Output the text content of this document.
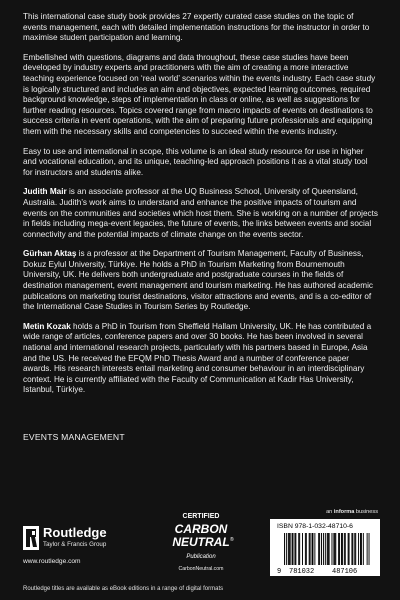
This international case study book provides 27 expertly curated case studies on the topic of events management, each with detailed implementation instructions for the instructor in order to maximise student participation and learning.

Embellished with questions, diagrams and data throughout, these case studies have been developed by industry experts and practitioners with the aim of creating a more interactive teaching experience focused on ‘real world’ scenarios within the events industry. Each case study is logically structured and includes an aim and objectives, expected learning outcomes, required background knowledge, steps of implementation in class or online, as well as suggestions for further reading resources. Topics covered range from macro impacts of events on destinations to success criteria in event operations, with the aim of preparing future professionals and equipping them with the necessary skills and competencies to succeed within the events industry.

Easy to use and international in scope, this volume is an ideal study resource for use in higher and vocational education, and its unique, teaching-led approach positions it as a vital study tool for instructors and students alike.

Judith Mair is an associate professor at the UQ Business School, University of Queensland, Australia. Judith’s work aims to understand and enhance the positive impacts of tourism and events on the communities and societies which host them. She is working on a number of projects in fields including mega-event legacies, the future of events, the links between events and social connectivity and the potential impacts of climate change on the events sector.

Gürhan Aktaş is a professor at the Department of Tourism Management, Faculty of Business, Dokuz Eylul University, Türkiye. He holds a PhD in Tourism Marketing from Bournemouth University, UK. He delivers both undergraduate and postgraduate courses in the fields of destination management, event management and tourism marketing. He has authored academic publications on marketing tourist destinations, visitor attractions and events, and is a co-editor of the International Case Studies in Tourism Series by Routledge.

Metin Kozak holds a PhD in Tourism from Sheffield Hallam University, UK. He has contributed a wide range of articles, conference papers and over 30 books. He has been involved in several national and international research projects, particularly with his partners based in Europe, Asia and the US. He received the EFQM PhD Thesis Award and a number of conference paper awards. His research interests entail marketing and consumer behaviour in an interdisciplinary context. He is currently affiliated with the Faculty of Communication at Kadir Has University, Istanbul, Türkiye.

EVENTS MANAGEMENT
an informa business
Routledge
Taylor & Francis Group
www.routledge.com
CERTIFIED
CARBON
NEUTRAL ®
Publication
CarbonNeutral.com
ISBN 978-1-032-48710-6
9 781032	487106
Routledge titles are available as eBook editions in a range of digital formats
